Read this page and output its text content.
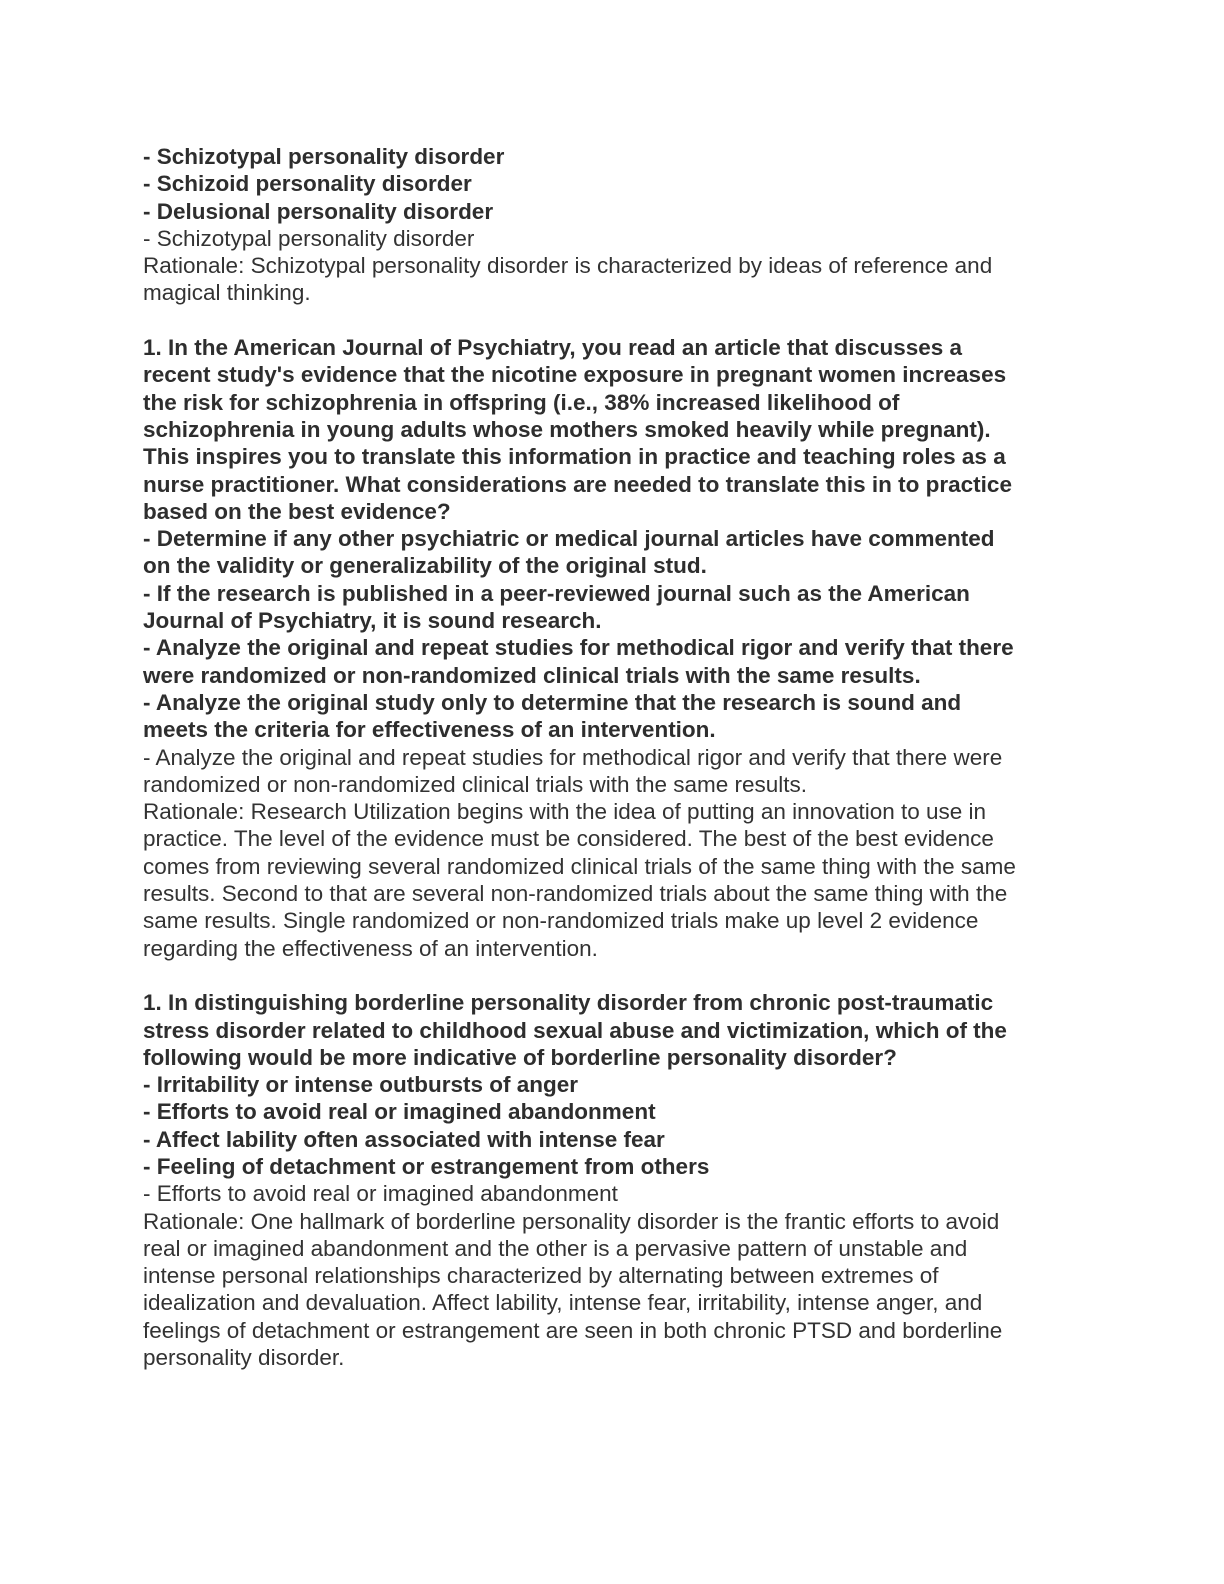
- Schizotypal personality disorder

- Schizoid personality disorder

- Delusional personality disorder

- Schizotypal personality disorder

Rationale: Schizotypal personality disorder is characterized by ideas of reference and

magical thinking.

1. In the American Journal of Psychiatry, you read an article that discusses a

recent study's evidence that the nicotine exposure in pregnant women increases

the risk for schizophrenia in offspring (i.e., 38% increased likelihood of

schizophrenia in young adults whose mothers smoked heavily while pregnant).

This inspires you to translate this information in practice and teaching roles as a

nurse practitioner. What considerations are needed to translate this in to practice

based on the best evidence?

- Determine if any other psychiatric or medical journal articles have commented

on the validity or generalizability of the original stud.

- If the research is published in a peer-reviewed journal such as the American

Journal of Psychiatry, it is sound research.

- Analyze the original and repeat studies for methodical rigor and verify that there

were randomized or non-randomized clinical trials with the same results.

- Analyze the original study only to determine that the research is sound and

meets the criteria for effectiveness of an intervention.

- Analyze the original and repeat studies for methodical rigor and verify that there were

randomized or non-randomized clinical trials with the same results.

Rationale: Research Utilization begins with the idea of putting an innovation to use in

practice. The level of the evidence must be considered. The best of the best evidence

comes from reviewing several randomized clinical trials of the same thing with the same

results. Second to that are several non-randomized trials about the same thing with the

same results. Single randomized or non-randomized trials make up level 2 evidence

regarding the effectiveness of an intervention.

1. In distinguishing borderline personality disorder from chronic post-traumatic

stress disorder related to childhood sexual abuse and victimization, which of the

following would be more indicative of borderline personality disorder?

- Irritability or intense outbursts of anger

- Efforts to avoid real or imagined abandonment

- Affect lability often associated with intense fear

- Feeling of detachment or estrangement from others

- Efforts to avoid real or imagined abandonment

Rationale: One hallmark of borderline personality disorder is the frantic efforts to avoid

real or imagined abandonment and the other is a pervasive pattern of unstable and

intense personal relationships characterized by alternating between extremes of

idealization and devaluation. Affect lability, intense fear, irritability, intense anger, and

feelings of detachment or estrangement are seen in both chronic PTSD and borderline

personality disorder.
